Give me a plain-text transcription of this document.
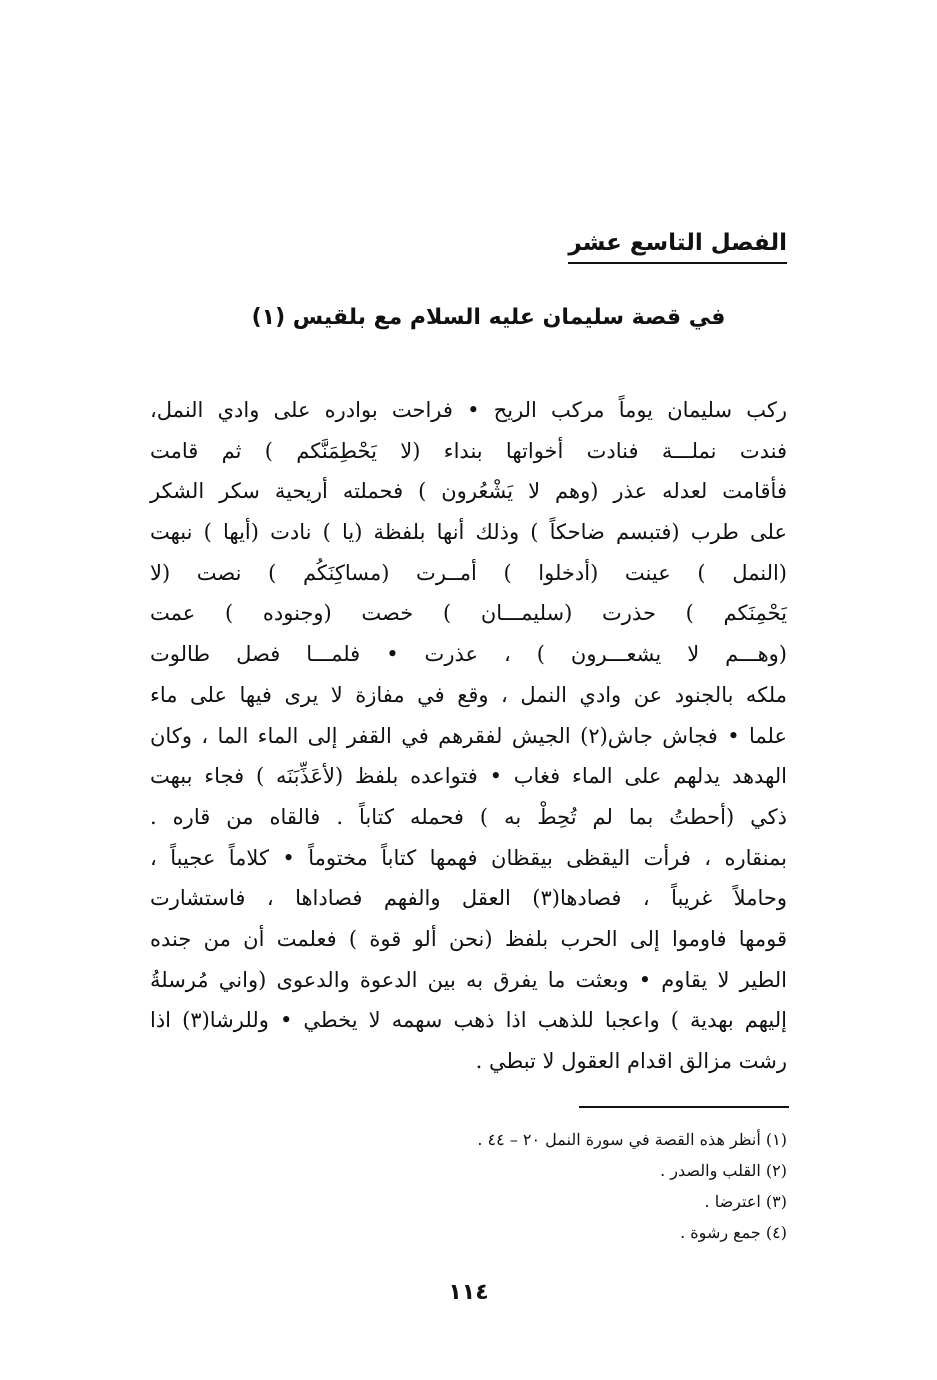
الفصل التاسع عشر
في قصة سليمان عليه السلام مع بلقيس (١)
ركب سليمان يوماً مركب الريح • فراحت بوادره على وادي النمل،
فندت نملـــة فنادت أخواتها بنداء (لا يَحْطِمَنَّكم ) ثم قامت
فأقامت لعدله عذر (وهم لا يَشْعُرون ) فحملته أريحية سكر الشكر
على طرب (فتبسم ضاحكاً ) وذلك أنها بلفظة (يا ) نادت (أيها ) نبهت
(النمل ) عينت (أدخلوا ) أمــرت (مساكِنَكُم ) نصت (لا
يَحْمِنَكم ) حذرت (سليمـــان ) خصت (وجنوده ) عمت
(وهـــم لا يشعـــرون ) ، عذرت • فلمـــا فصل طالوت
ملكه بالجنود عن وادي النمل ، وقع في مفازة لا يرى فيها على ماء
علما • فجاش جاش(٢) الجيش لفقرهم في القفر إلى الماء الما ، وكان
الهدهد يدلهم على الماء فغاب • فتواعده بلفظ (لأعَذِّبَنَه ) فجاء ببهت
ذكي (أحطتُ بما لم تُحِطْ به ) فحمله كتاباً . فالقاه من قاره .
بمنقاره ، فرأت اليقظى بيقظان فهمها كتاباً مختوماً • كلاماً عجيباً ،
وحاملاً غريباً ، فصادها(٣) العقل والفهم فصاداها ، فاستشارت
قومها فاوموا إلى الحرب بلفظ (نحن ألو قوة ) فعلمت أن من جنده
الطير لا يقاوم • وبعثت ما يفرق به بين الدعوة والدعوى (واني مُرسلةُ
إليهم بهدية ) واعجبا للذهب اذا ذهب سهمه لا يخطي • وللرشا(٣) اذا
رشت مزالق اقدام العقول لا تبطي .
(١) أنظر هذه القصة في سورة النمل ٢٠ – ٤٤ .
(٢) القلب والصدر .
(٣) اعترضا .
(٤) جمع رشوة .
١١٤
